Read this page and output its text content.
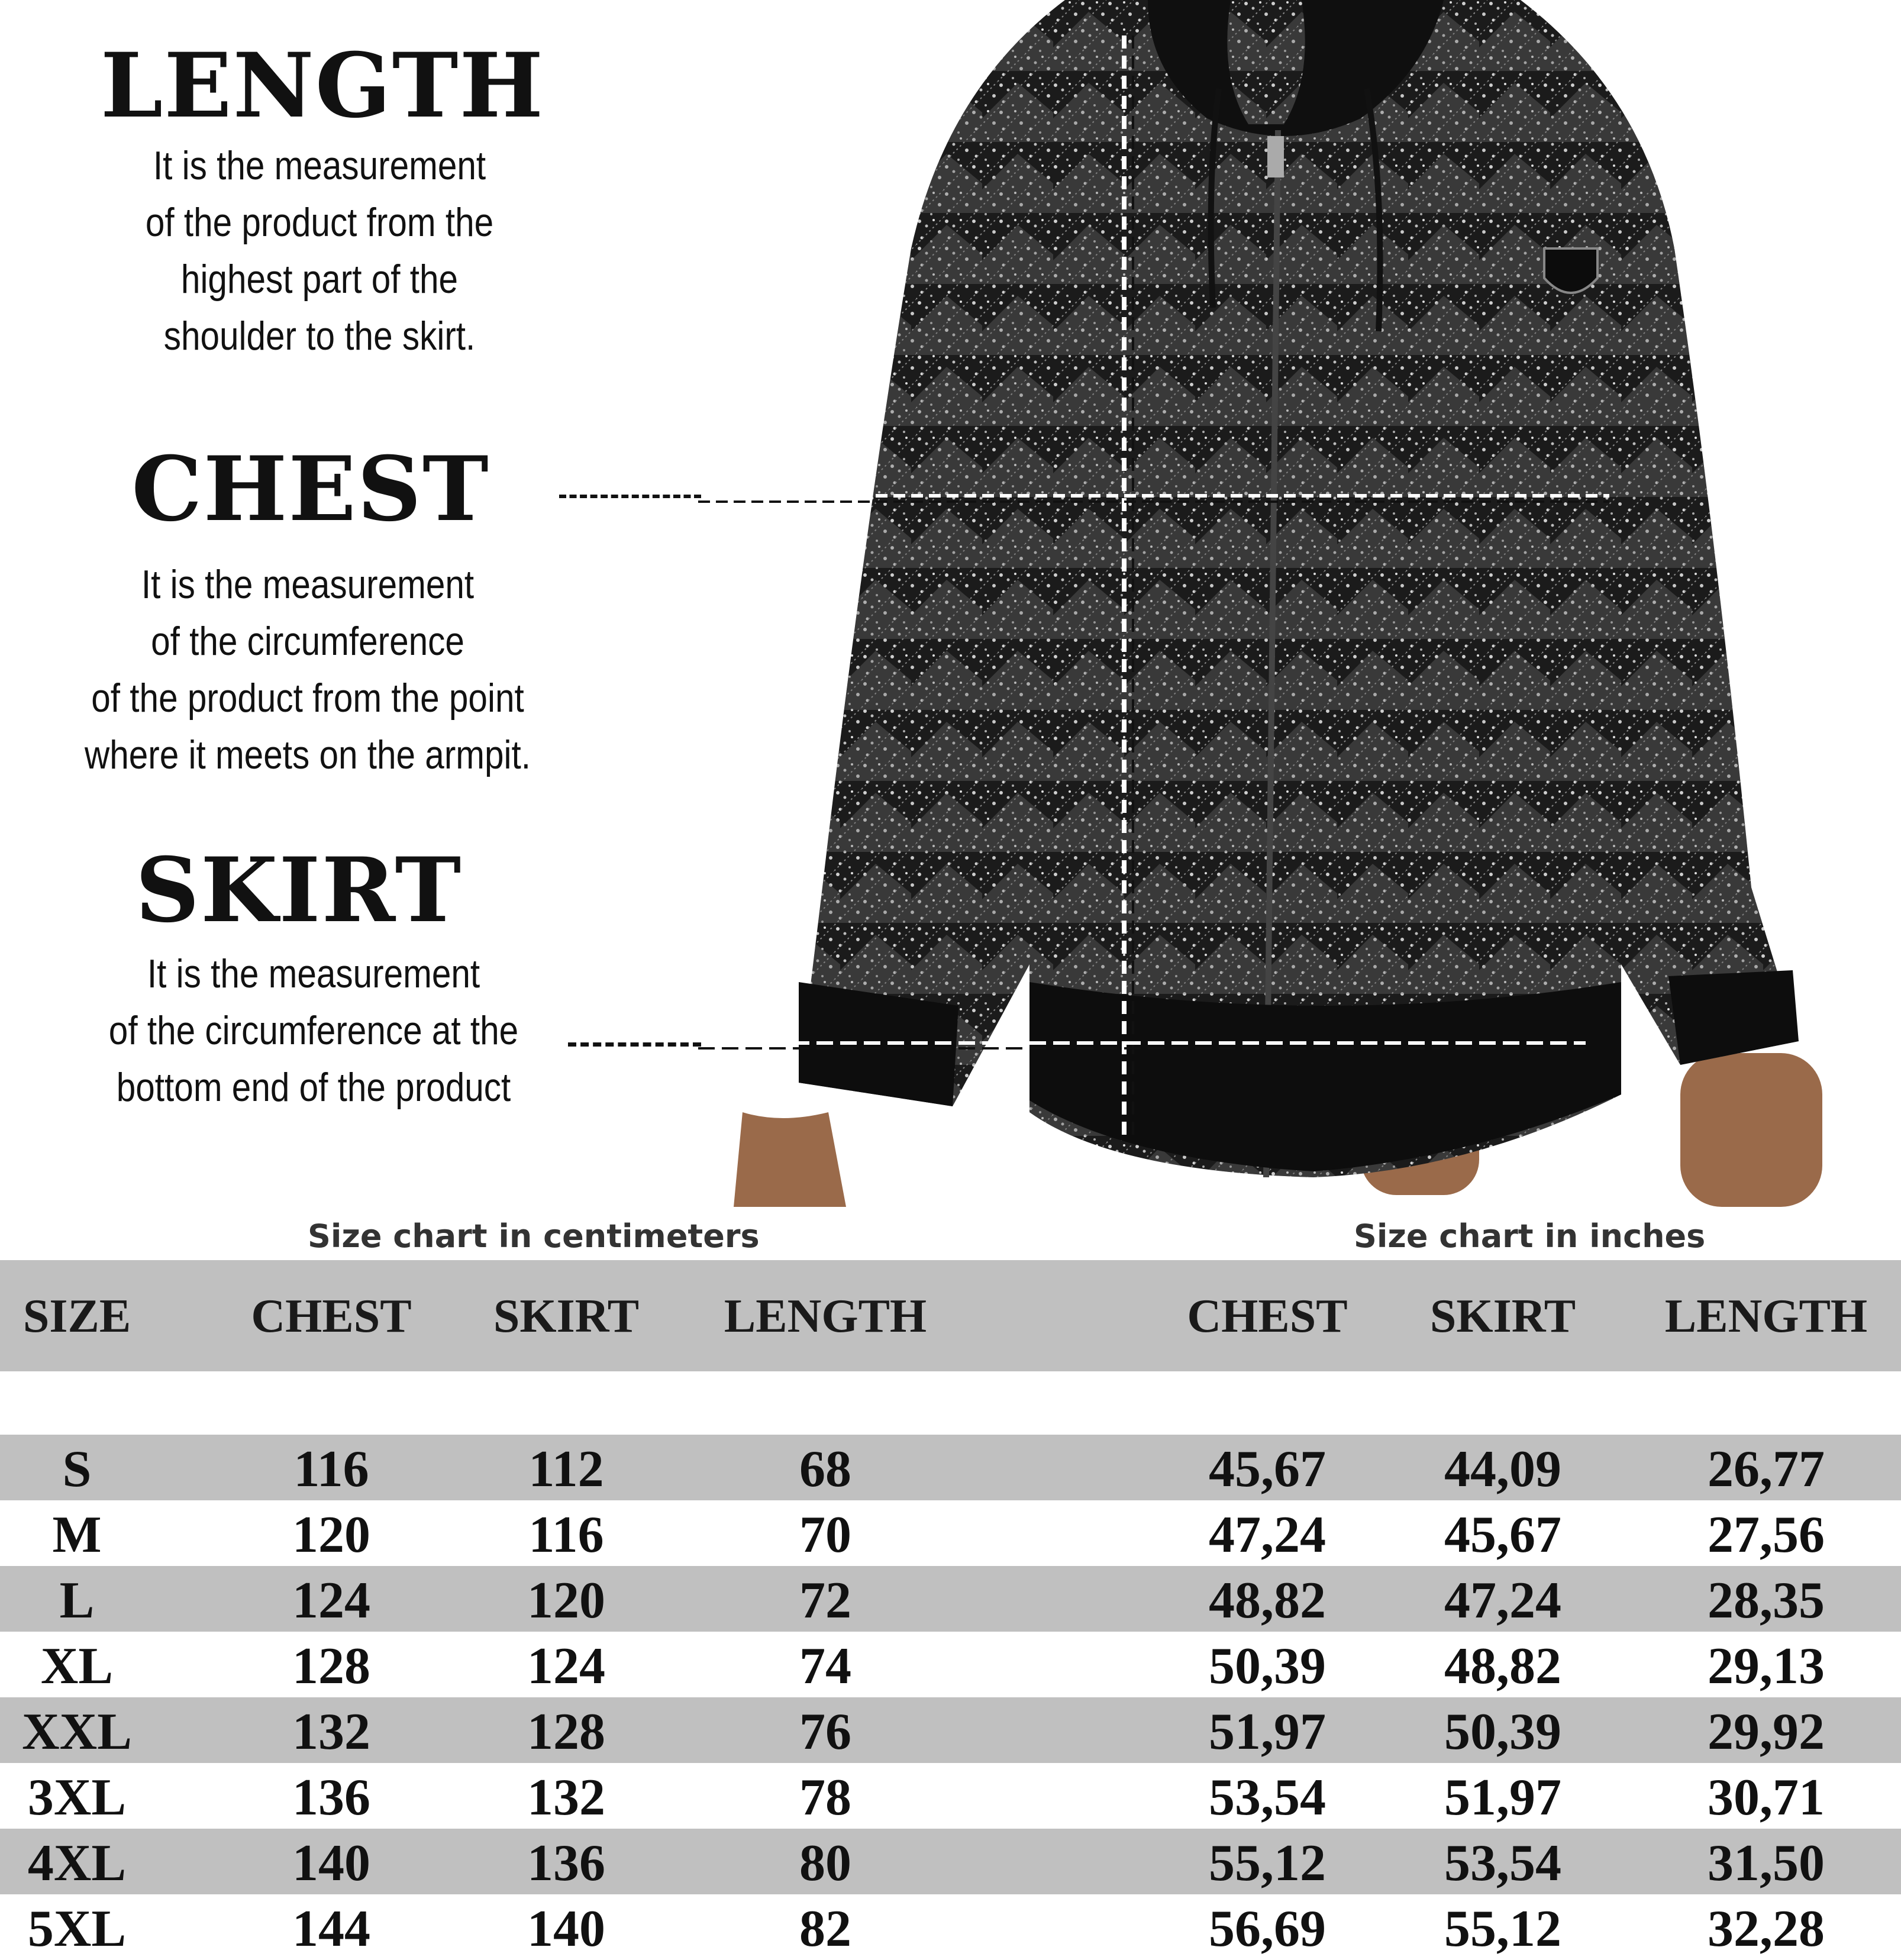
LENGTH
It is the measurement
of the product from the
highest part of the
shoulder to the skirt.
CHEST
It is the measurement
of the circumference
of the product from the point
where it meets on the armpit.
SKIRT
It is the measurement
of the circumference at the
bottom end of the product
Size chart in centimeters	Size chart in inches
SIZE	CHEST SKIRT LENGTH	CHEST SKIRT LENGTH
S	116	112	68	45,67 44,09	26,77
M	120	116	70	47,24 45,67	27,56
L	124	120	72	48,82 47,24	28,35
XL	128	124	74	50,39 48,82	29,13
XXL	132	128	76	51,97 50,39	29,92
3XL	136	132	78	53,54 51,97	30,71
4XL	140	136	80	55,12 53,54	31,50
5XL	144	140	82	56,69 55,12	32,28
